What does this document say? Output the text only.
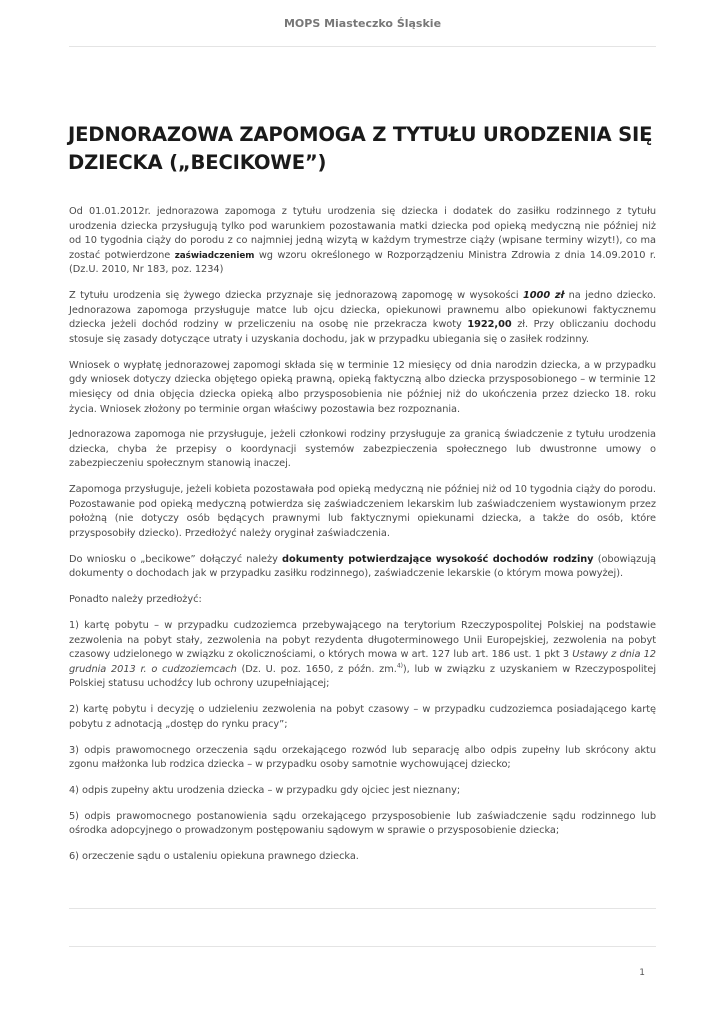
MOPS Miasteczko Śląskie
JEDNORAZOWA ZAPOMOGA Z TYTUŁU URODZENIA SIĘ DZIECKA („BECIKOWE”)

Od 01.01.2012r. jednorazowa zapomoga z tytułu urodzenia się dziecka i dodatek do zasiłku rodzinnego z tytułu urodzenia dziecka przysługują tylko pod warunkiem pozostawania matki dziecka pod opieką medyczną nie później niż od 10 tygodnia ciąży do porodu z co najmniej jedną wizytą w każdym trymestrze ciąży (wpisane terminy wizyt!), co ma zostać potwierdzone zaświadczeniem wg wzoru określonego w Rozporządzeniu Ministra Zdrowia z dnia 14.09.2010 r. (Dz.U. 2010, Nr 183, poz. 1234)

Z tytułu urodzenia się żywego dziecka przyznaje się jednorazową zapomogę w wysokości 1000 zł na jedno dziecko. Jednorazowa zapomoga przysługuje matce lub ojcu dziecka, opiekunowi prawnemu albo opiekunowi faktycznemu dziecka jeżeli dochód rodziny w przeliczeniu na osobę nie przekracza kwoty 1922,00 zł. Przy obliczaniu dochodu stosuje się zasady dotyczące utraty i uzyskania dochodu, jak w przypadku ubiegania się o zasiłek rodzinny.

Wniosek o wypłatę jednorazowej zapomogi składa się w terminie 12 miesięcy od dnia narodzin dziecka, a w przypadku gdy wniosek dotyczy dziecka objętego opieką prawną, opieką faktyczną albo dziecka przysposobionego – w terminie 12 miesięcy od dnia objęcia dziecka opieką albo przysposobienia nie później niż do ukończenia przez dziecko 18. roku życia. Wniosek złożony po terminie organ właściwy pozostawia bez rozpoznania.

Jednorazowa zapomoga nie przysługuje, jeżeli członkowi rodziny przysługuje za granicą świadczenie z tytułu urodzenia dziecka, chyba że przepisy o koordynacji systemów zabezpieczenia społecznego lub dwustronne umowy o zabezpieczeniu społecznym stanowią inaczej.

Zapomoga przysługuje, jeżeli kobieta pozostawała pod opieką medyczną nie później niż od 10 tygodnia ciąży do porodu. Pozostawanie pod opieką medyczną potwierdza się zaświadczeniem lekarskim lub zaświadczeniem wystawionym przez położną (nie dotyczy osób będących prawnymi lub faktycznymi opiekunami dziecka, a także do osób, które przysposobiły dziecko). Przedłożyć należy oryginał zaświadczenia.

Do wniosku o „becikowe” dołączyć należy dokumenty potwierdzające wysokość dochodów rodziny (obowiązują dokumenty o dochodach jak w przypadku zasiłku rodzinnego), zaświadczenie lekarskie (o którym mowa powyżej).

Ponadto należy przedłożyć:

1) kartę pobytu – w przypadku cudzoziemca przebywającego na terytorium Rzeczypospolitej Polskiej na podstawie zezwolenia na pobyt stały, zezwolenia na pobyt rezydenta długoterminowego Unii Europejskiej, zezwolenia na pobyt czasowy udzielonego w związku z okolicznościami, o których mowa w art. 127 lub art. 186 ust. 1 pkt 3 Ustawy z dnia 12 grudnia 2013 r. o cudzoziemcach (Dz. U. poz. 1650, z późn. zm.$^{4)}$), lub w związku z uzyskaniem w Rzeczypospolitej Polskiej statusu uchodźcy lub ochrony uzupełniającej;

2) kartę pobytu i decyzję o udzieleniu zezwolenia na pobyt czasowy – w przypadku cudzoziemca posiadającego kartę pobytu z adnotacją „dostęp do rynku pracy”;

3) odpis prawomocnego orzeczenia sądu orzekającego rozwód lub separację albo odpis zupełny lub skrócony aktu zgonu małżonka lub rodzica dziecka – w przypadku osoby samotnie wychowującej dziecko;

4) odpis zupełny aktu urodzenia dziecka – w przypadku gdy ojciec jest nieznany;

5) odpis prawomocnego postanowienia sądu orzekającego przysposobienie lub zaświadczenie sądu rodzinnego lub ośrodka adopcyjnego o prowadzonym postępowaniu sądowym w sprawie o przysposobienie dziecka;

6) orzeczenie sądu o ustaleniu opiekuna prawnego dziecka.

1
